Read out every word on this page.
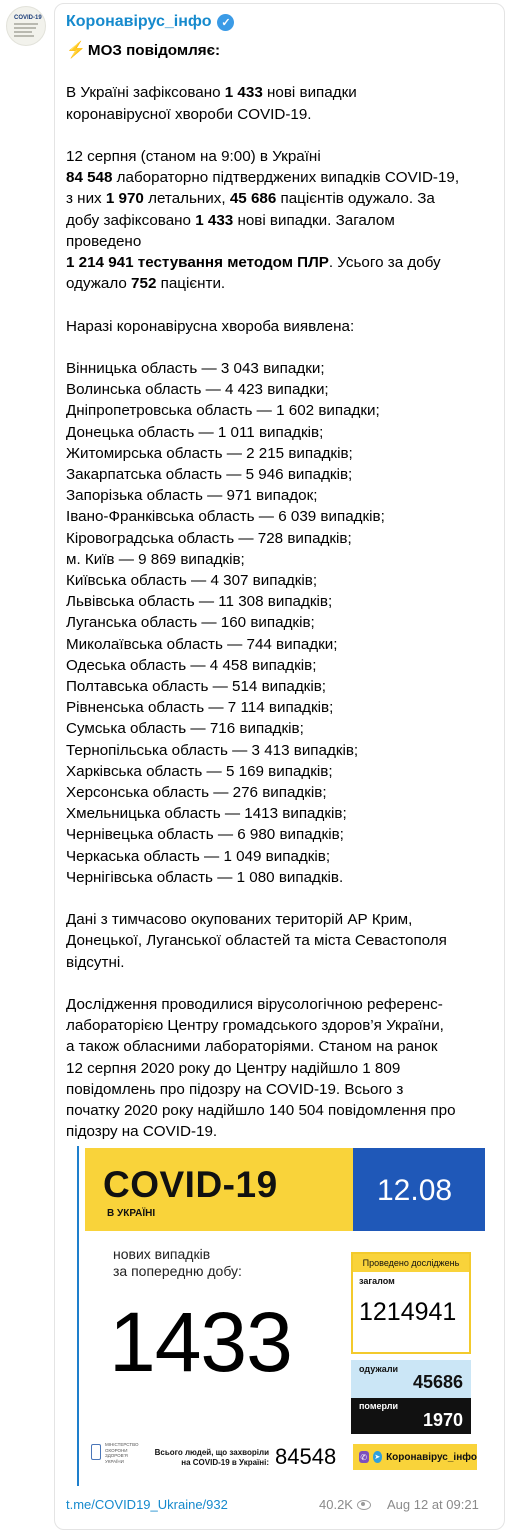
COVID-19 Коронавірус_інфо ✓
⚡ МОЗ повідомляє:

В Україні зафіксовано 1 433 нові випадки
коронавірусної хвороби COVID-19.

12 серпня (станом на 9:00) в Україні
84 548 лабораторно підтверджених випадків COVID-19,
з них 1 970 летальних, 45 686 пацієнтів одужало. За
добу зафіксовано 1 433 нові випадки. Загалом
проведено
1 214 941 тестування методом ПЛР. Усього за добу
одужало 752 пацієнти.

Наразі коронавірусна хвороба виявлена:

Вінницька область — 3 043 випадки;
Волинська область — 4 423 випадки;
Дніпропетровська область — 1 602 випадки;
Донецька область — 1 011 випадків;
Житомирська область — 2 215 випадків;
Закарпатська область — 5 946 випадків;
Запорізька область — 971 випадок;
Івано-Франківська область — 6 039 випадків;
Кіровоградська область — 728 випадків;
м. Київ — 9 869 випадків;
Київська область — 4 307 випадків;
Львівська область — 11 308 випадків;
Луганська область — 160 випадків;
Миколаївська область — 744 випадки;
Одеська область — 4 458 випадків;
Полтавська область — 514 випадків;
Рівненська область — 7 114 випадків;
Сумська область — 716 випадків;
Тернопільська область — 3 413 випадків;
Харківська область — 5 169 випадків;
Херсонська область — 276 випадків;
Хмельницька область — 1413 випадків;
Чернівецька область — 6 980 випадків;
Черкаська область — 1 049 випадків;
Чернігівська область — 1 080 випадків.

Дані з тимчасово окупованих територій АР Крим,
Донецької, Луганської областей та міста Севастополя
відсутні.

Дослідження проводилися вірусологічною референс-
лабораторією Центру громадського здоров’я України,
а також обласними лабораторіями. Станом на ранок
12 серпня 2020 року до Центру надійшло 1 809
повідомлень про підозру на COVID-19. Всього з
початку 2020 року надійшло 140 504 повідомлення про
підозру на COVID-19.

COVID-19
В УКРАЇНІ
12.08
нових випадків
за попередню добу:
1433
Проведено досліджень
загалом
1214941
одужали
45686
померли
1970
МІНІСТЕРСТВО
ОХОРОНИ
ЗДОРОВ'Я
УКРАЇНИ
Всього людей, що захворіли
на COVID-19 в Україні: 84548	✆ ➤ Коронавірус_інфо
t.me/COVID19_Ukraine/932	40.2K	Aug 12 at 09:21
